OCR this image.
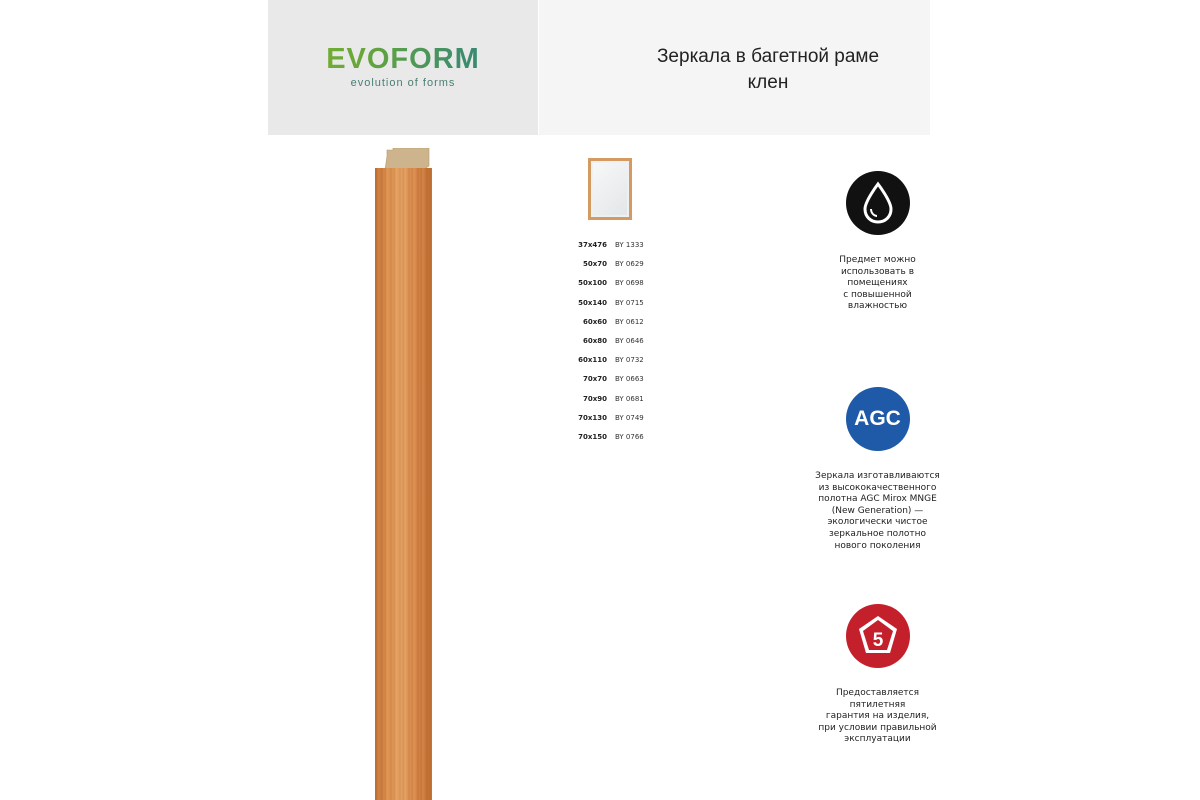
EVOFORM
evolution of forms
Зеркала в багетной раме
клен
37х476 BY 1333
50х70 BY 0629
50х100 BY 0698
50х140 BY 0715
60х60 BY 0612
60х80 BY 0646
60х110 BY 0732
70х70 BY 0663
70х90 BY 0681
70х130 BY 0749
70х150 BY 0766
Предмет можно
использовать в
помещениях
с повышенной
влажностью
AGC
Зеркала изготавливаются
из высококачественного
полотна AGC Mirox MNGE
(New Generation) —
экологически чистое
зеркальное полотно
нового поколения
5
Предоставляется
пятилетняя
гарантия на изделия,
при условии правильной
эксплуатации
